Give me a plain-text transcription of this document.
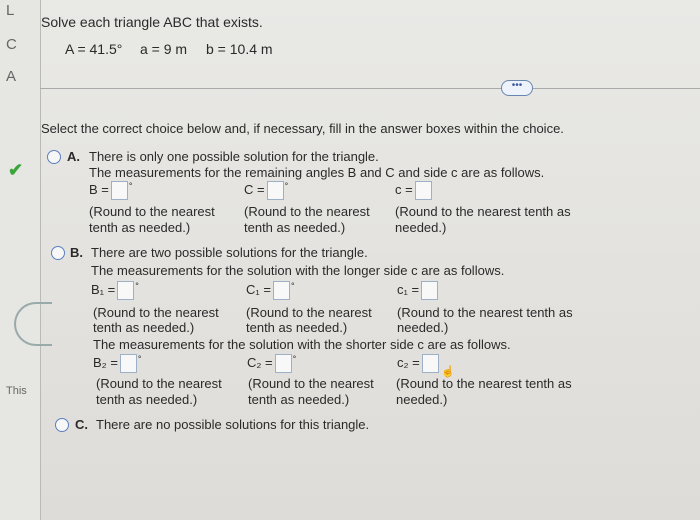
L
C
A
✔
This
Solve each triangle ABC that exists.
A = 41.5° a = 9 m b = 10.4 m
•••
Select the correct choice below and, if necessary, fill in the answer boxes within the choice.
A. There is only one possible solution for the triangle.
The measurements for the remaining angles B and C and side c are as follows.
B = °	C = °	c =
(Round to the nearest
tenth as needed.)
(Round to the nearest
tenth as needed.)
(Round to the nearest tenth as
needed.)
B. There are two possible solutions for the triangle.
The measurements for the solution with the longer side c are as follows.
B₁ = °	C₁ = °	c₁ =
(Round to the nearest
tenth as needed.)
(Round to the nearest
tenth as needed.)
(Round to the nearest tenth as
needed.)
The measurements for the solution with the shorter side c are as follows.
B₂ = °	C₂ = °	c₂ =
(Round to the nearest
tenth as needed.)
(Round to the nearest
tenth as needed.)
(Round to the nearest tenth as
needed.)
☝
C. There are no possible solutions for this triangle.
